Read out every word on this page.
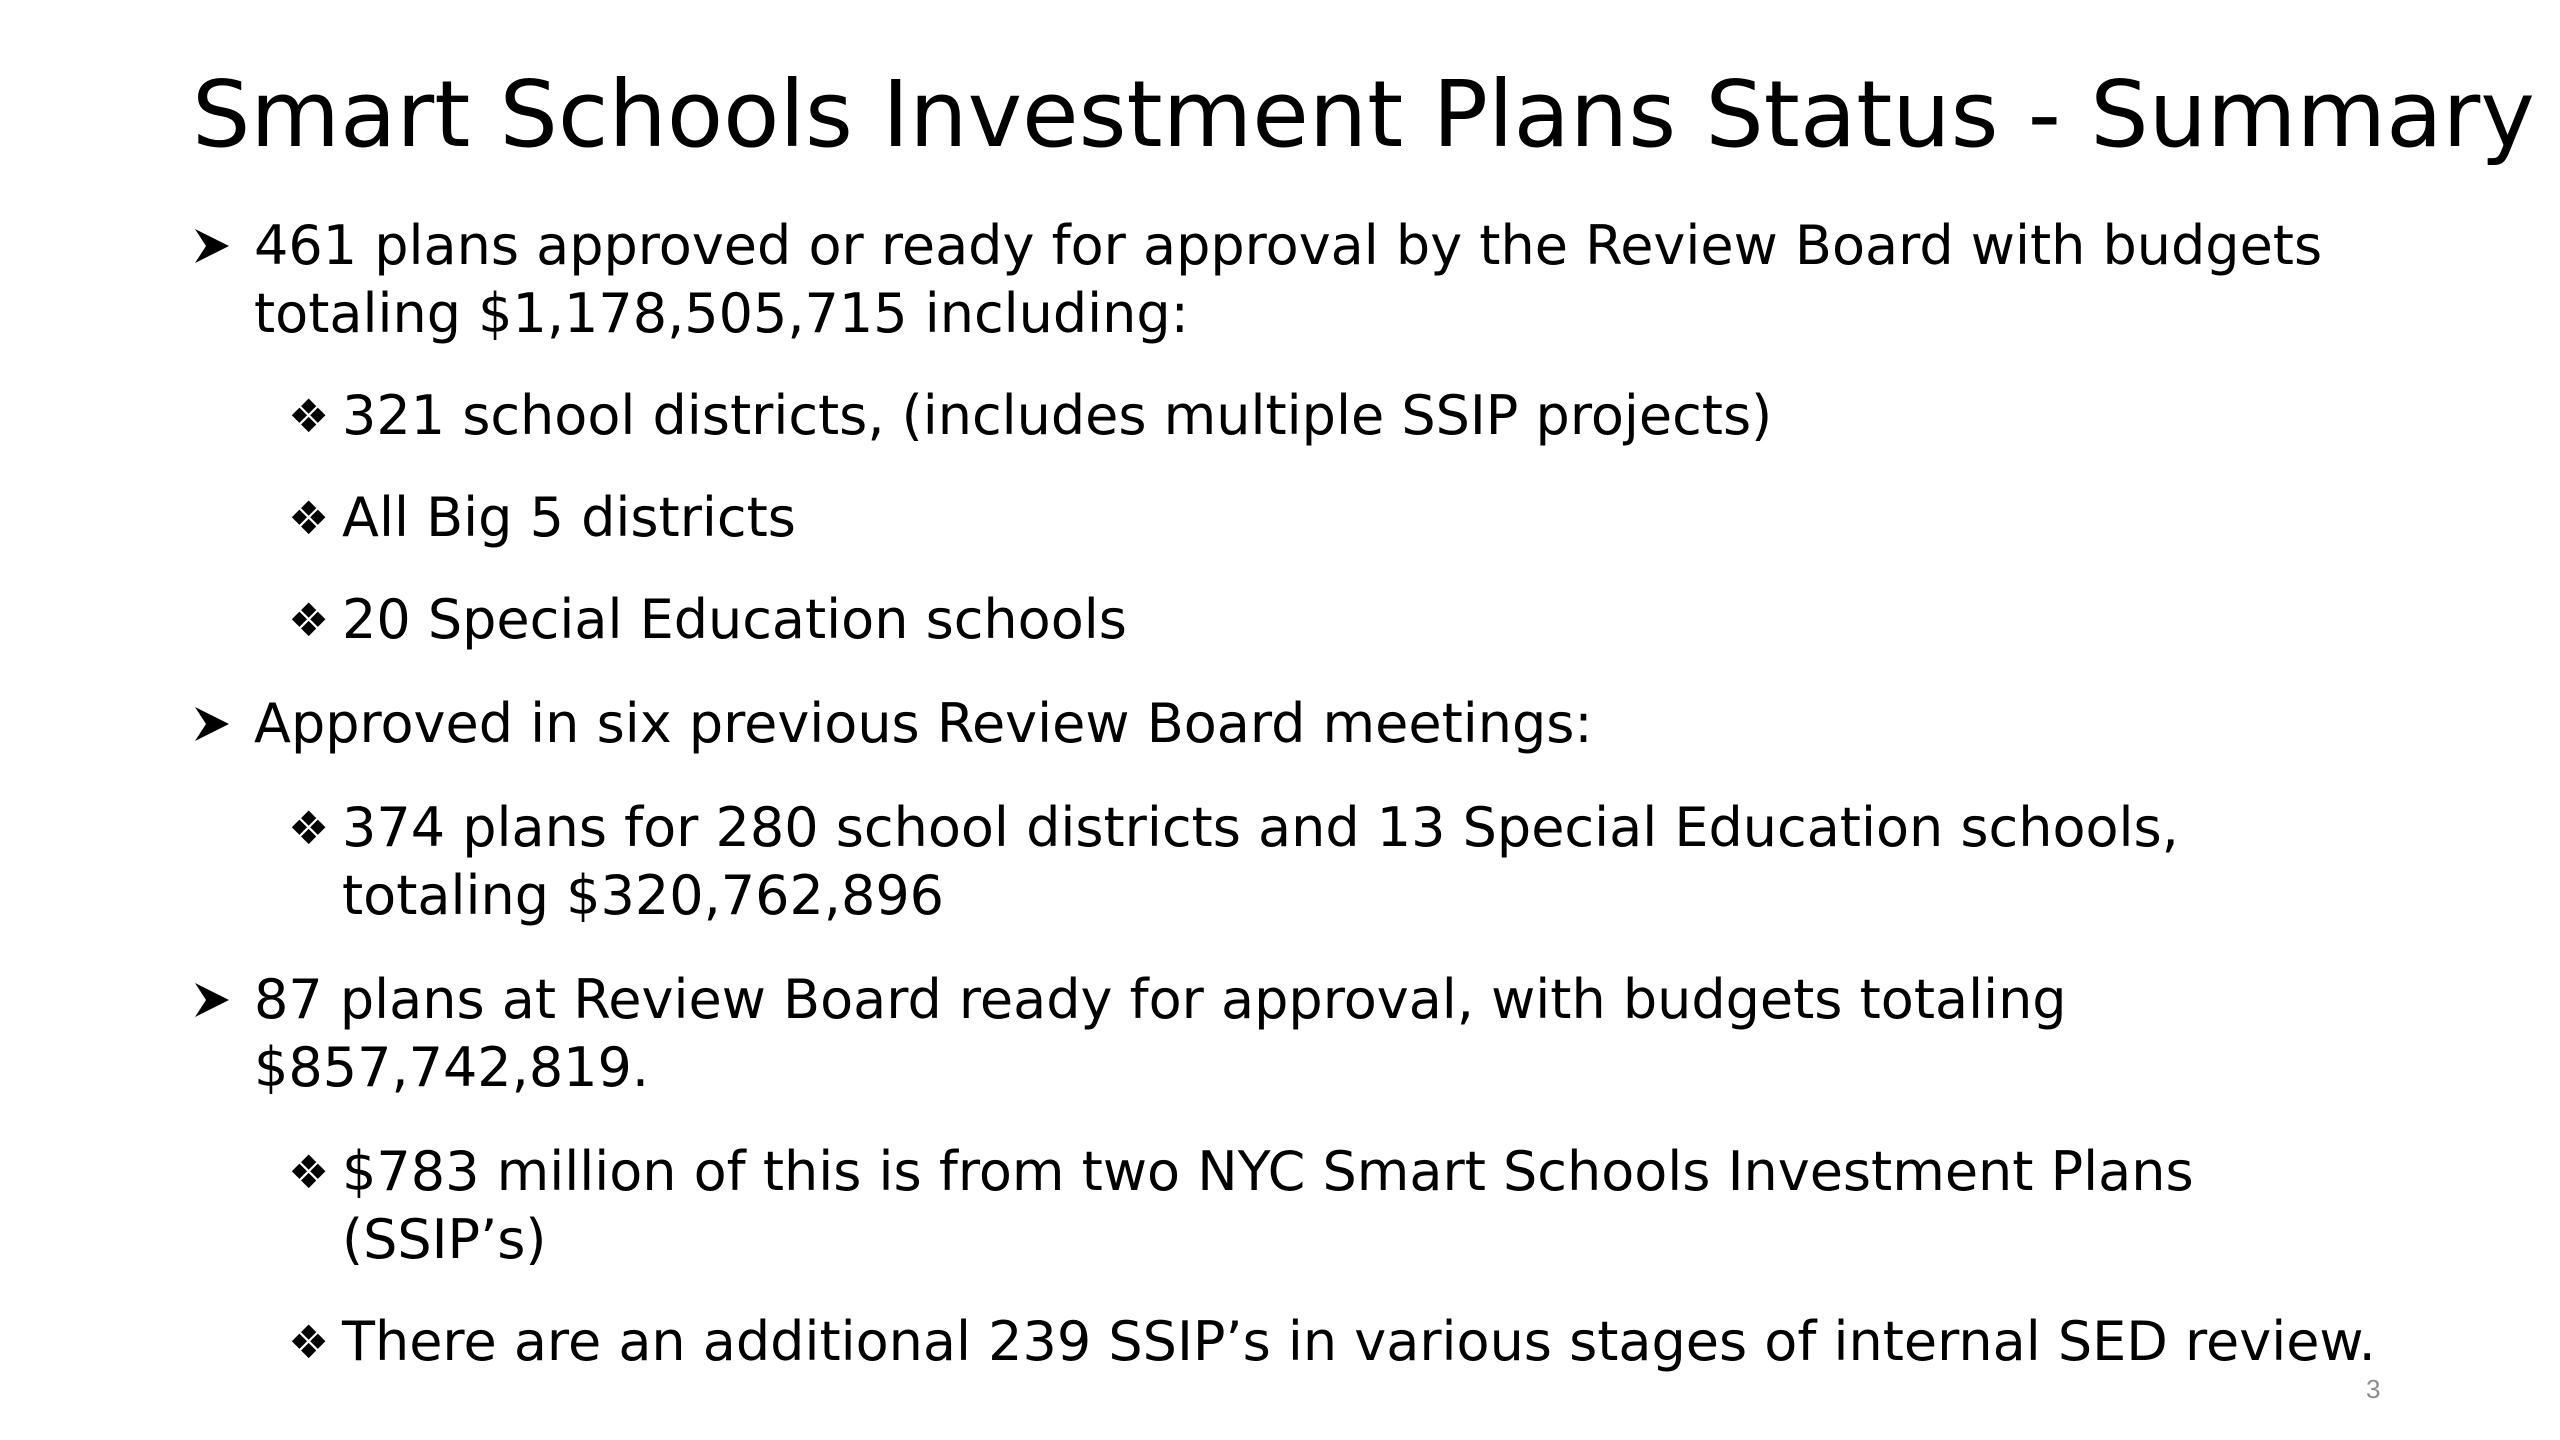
Smart Schools Investment Plans Status - Summary
461 plans approved or ready for approval by the Review Board with budgets totaling $1,178,505,715 including:
❖ 321 school districts, (includes multiple SSIP projects)
❖ All Big 5 districts
❖ 20 Special Education schools
Approved in six previous Review Board meetings:
❖ 374 plans for 280 school districts and 13 Special Education schools, totaling $320,762,896
87 plans at Review Board ready for approval, with budgets totaling $857,742,819.
❖ $783 million of this is from two NYC Smart Schools Investment Plans (SSIP’s)
❖ There are an additional 239 SSIP’s in various stages of internal SED review.
3
